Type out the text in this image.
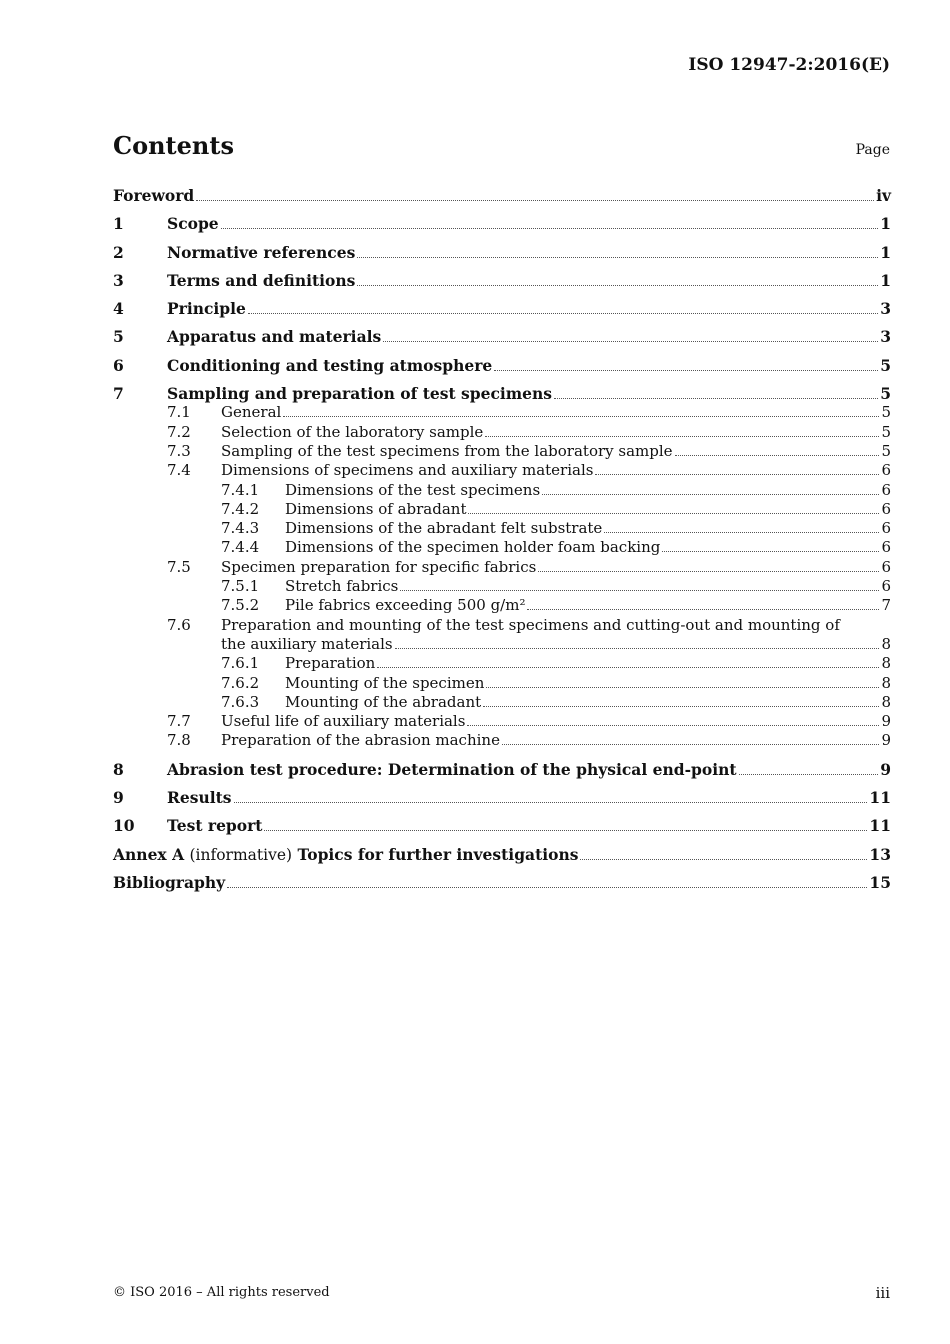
ISO 12947-2:2016(E)
Contents	Page
Foreword	iv
1	Scope	1
2	Normative references	1
3	Terms and definitions	1
4	Principle	3
5	Apparatus and materials	3
6	Conditioning and testing atmosphere	5
7	Sampling and preparation of test specimens	5
7.1 General	5
7.2 Selection of the laboratory sample	5
7.3 Sampling of the test specimens from the laboratory sample	5
7.4 Dimensions of specimens and auxiliary materials	6
7.4.1 Dimensions of the test specimens	6
7.4.2 Dimensions of abradant	6
7.4.3 Dimensions of the abradant felt substrate	6
7.4.4 Dimensions of the specimen holder foam backing	6
7.5 Specimen preparation for specific fabrics	6
7.5.1 Stretch fabrics	6
7.5.2 Pile fabrics exceeding 500 g/m²	7
7.6 Preparation and mounting of the test specimens and cutting-out and mounting of
the auxiliary materials	8
7.6.1 Preparation	8
7.6.2 Mounting of the specimen	8
7.6.3 Mounting of the abradant	8
7.7 Useful life of auxiliary materials	9
7.8 Preparation of the abrasion machine	9
8	Abrasion test procedure: Determination of the physical end-point	9
9	Results	11
10 Test report	11
Annex A (informative) Topics for further investigations	13
Bibliography	15
© ISO 2016 – All rights reserved	iii
